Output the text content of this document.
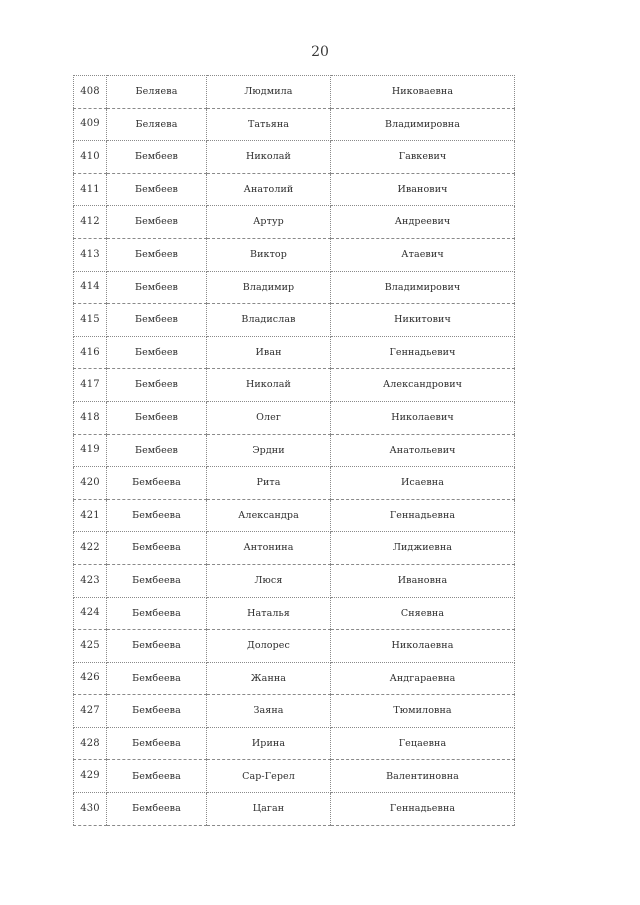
20
408	Беляева	Людмила	Никоваевна
409	Беляева	Татьяна	Владимировна
410	Бембеев	Николай	Гавкевич
411	Бембеев	Анатолий	Иванович
412	Бембеев	Артур	Андреевич
413	Бембеев	Виктор	Атаевич
414	Бембеев	Владимир	Владимирович
415	Бембеев	Владислав	Никитович
416	Бембеев	Иван	Геннадьевич
417	Бембеев	Николай	Александрович
418	Бембеев	Олег	Николаевич
419	Бембеев	Эрдни	Анатольевич
420	Бембеева	Рита	Исаевна
421	Бембеева	Александра	Геннадьевна
422	Бембеева	Антонина	Лиджиевна
423	Бембеева	Люся	Ивановна
424	Бембеева	Наталья	Сняевна
425	Бембеева	Долорес	Николаевна
426	Бембеева	Жанна	Андгараевна
427	Бембеева	Заяна	Тюмиловна
428	Бембеева	Ирина	Гецаевна
429	Бембеева	Сар-Герел	Валентиновна
430	Бембеева	Цаган	Геннадьевна
